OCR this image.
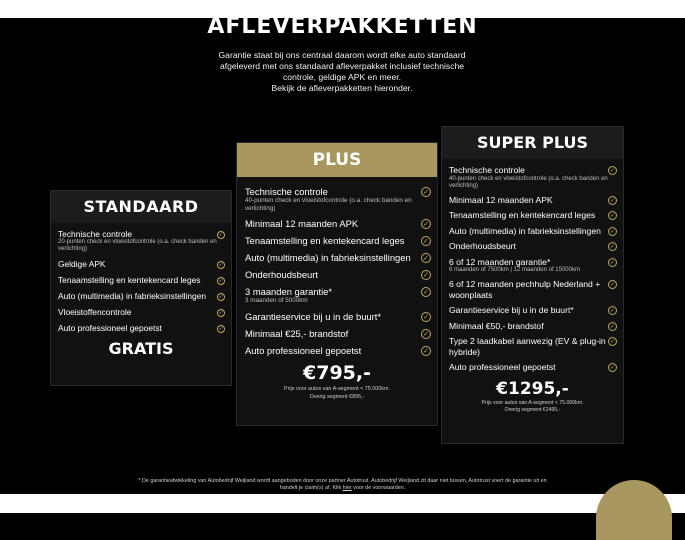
AFLEVERPAKKETTEN
Garantie staat bij ons centraal daarom wordt elke auto standaard
afgeleverd met ons standaard afleverpakket inclusief technische
controle, geldige APK en meer.
Bekijk de afleverpakketten hieronder.
STANDAARD
Technische controle
20-punten check en vloeistofcontrole (o.a. check banden en verlichting)
✓
Geldige APK	✓
Tenaamstelling en kentekencard leges	✓
Auto (multimedia) in fabrieksinstellingen	✓
Vloeistoffencontrole	✓
Auto professioneel gepoetst	✓
GRATIS
PLUS
Technische controle
40-punten check en vloeistofcontrole (o.a. check banden en verlichting)
✓
Minimaal 12 maanden APK	✓
Tenaamstelling en kentekencard leges	✓
Auto (multimedia) in fabrieksinstellingen	✓
Onderhoudsbeurt	✓
3 maanden garantie*
3 maanden of 5000km
✓
Garantieservice bij u in de buurt*	✓
Minimaal €25,- brandstof	✓
Auto professioneel gepoetst	✓
€795,-
Prijs voor autos van A-segment < 75.000km.
Overig segment €895,-
SUPER PLUS
Technische controle
40-punten check en vloeistofcontrole (o.a. check banden en verlichting)
✓
Minimaal 12 maanden APK	✓
Tenaamstelling en kentekencard leges	✓
Auto (multimedia) in fabrieksinstellingen	✓
Onderhoudsbeurt	✓
6 of 12 maanden garantie*
6 maanden of 7500km | 12 maanden of 15000km
✓
6 of 12 maanden pechhulp Nederland + woonplaats
✓
Garantieservice bij u in de buurt*	✓
Minimaal €50,- brandstof	✓
Type 2 laadkabel aanwezig (EV & plug-in hybride)
✓
Auto professioneel gepoetst	✓
€1295,-
Prijs voor autos van A-segment < 75.000km.
Overig segment €1495,-
* De garantieafwikkeling van Autobedrijf Weijland wordt aangeboden door onze partner Autotrust. Autobedrijf Weijland zit daar niet tussen, Autotrust voert de garantie uit en
handelt je claim(s) af. Klik hier voor de voorwaarden.
